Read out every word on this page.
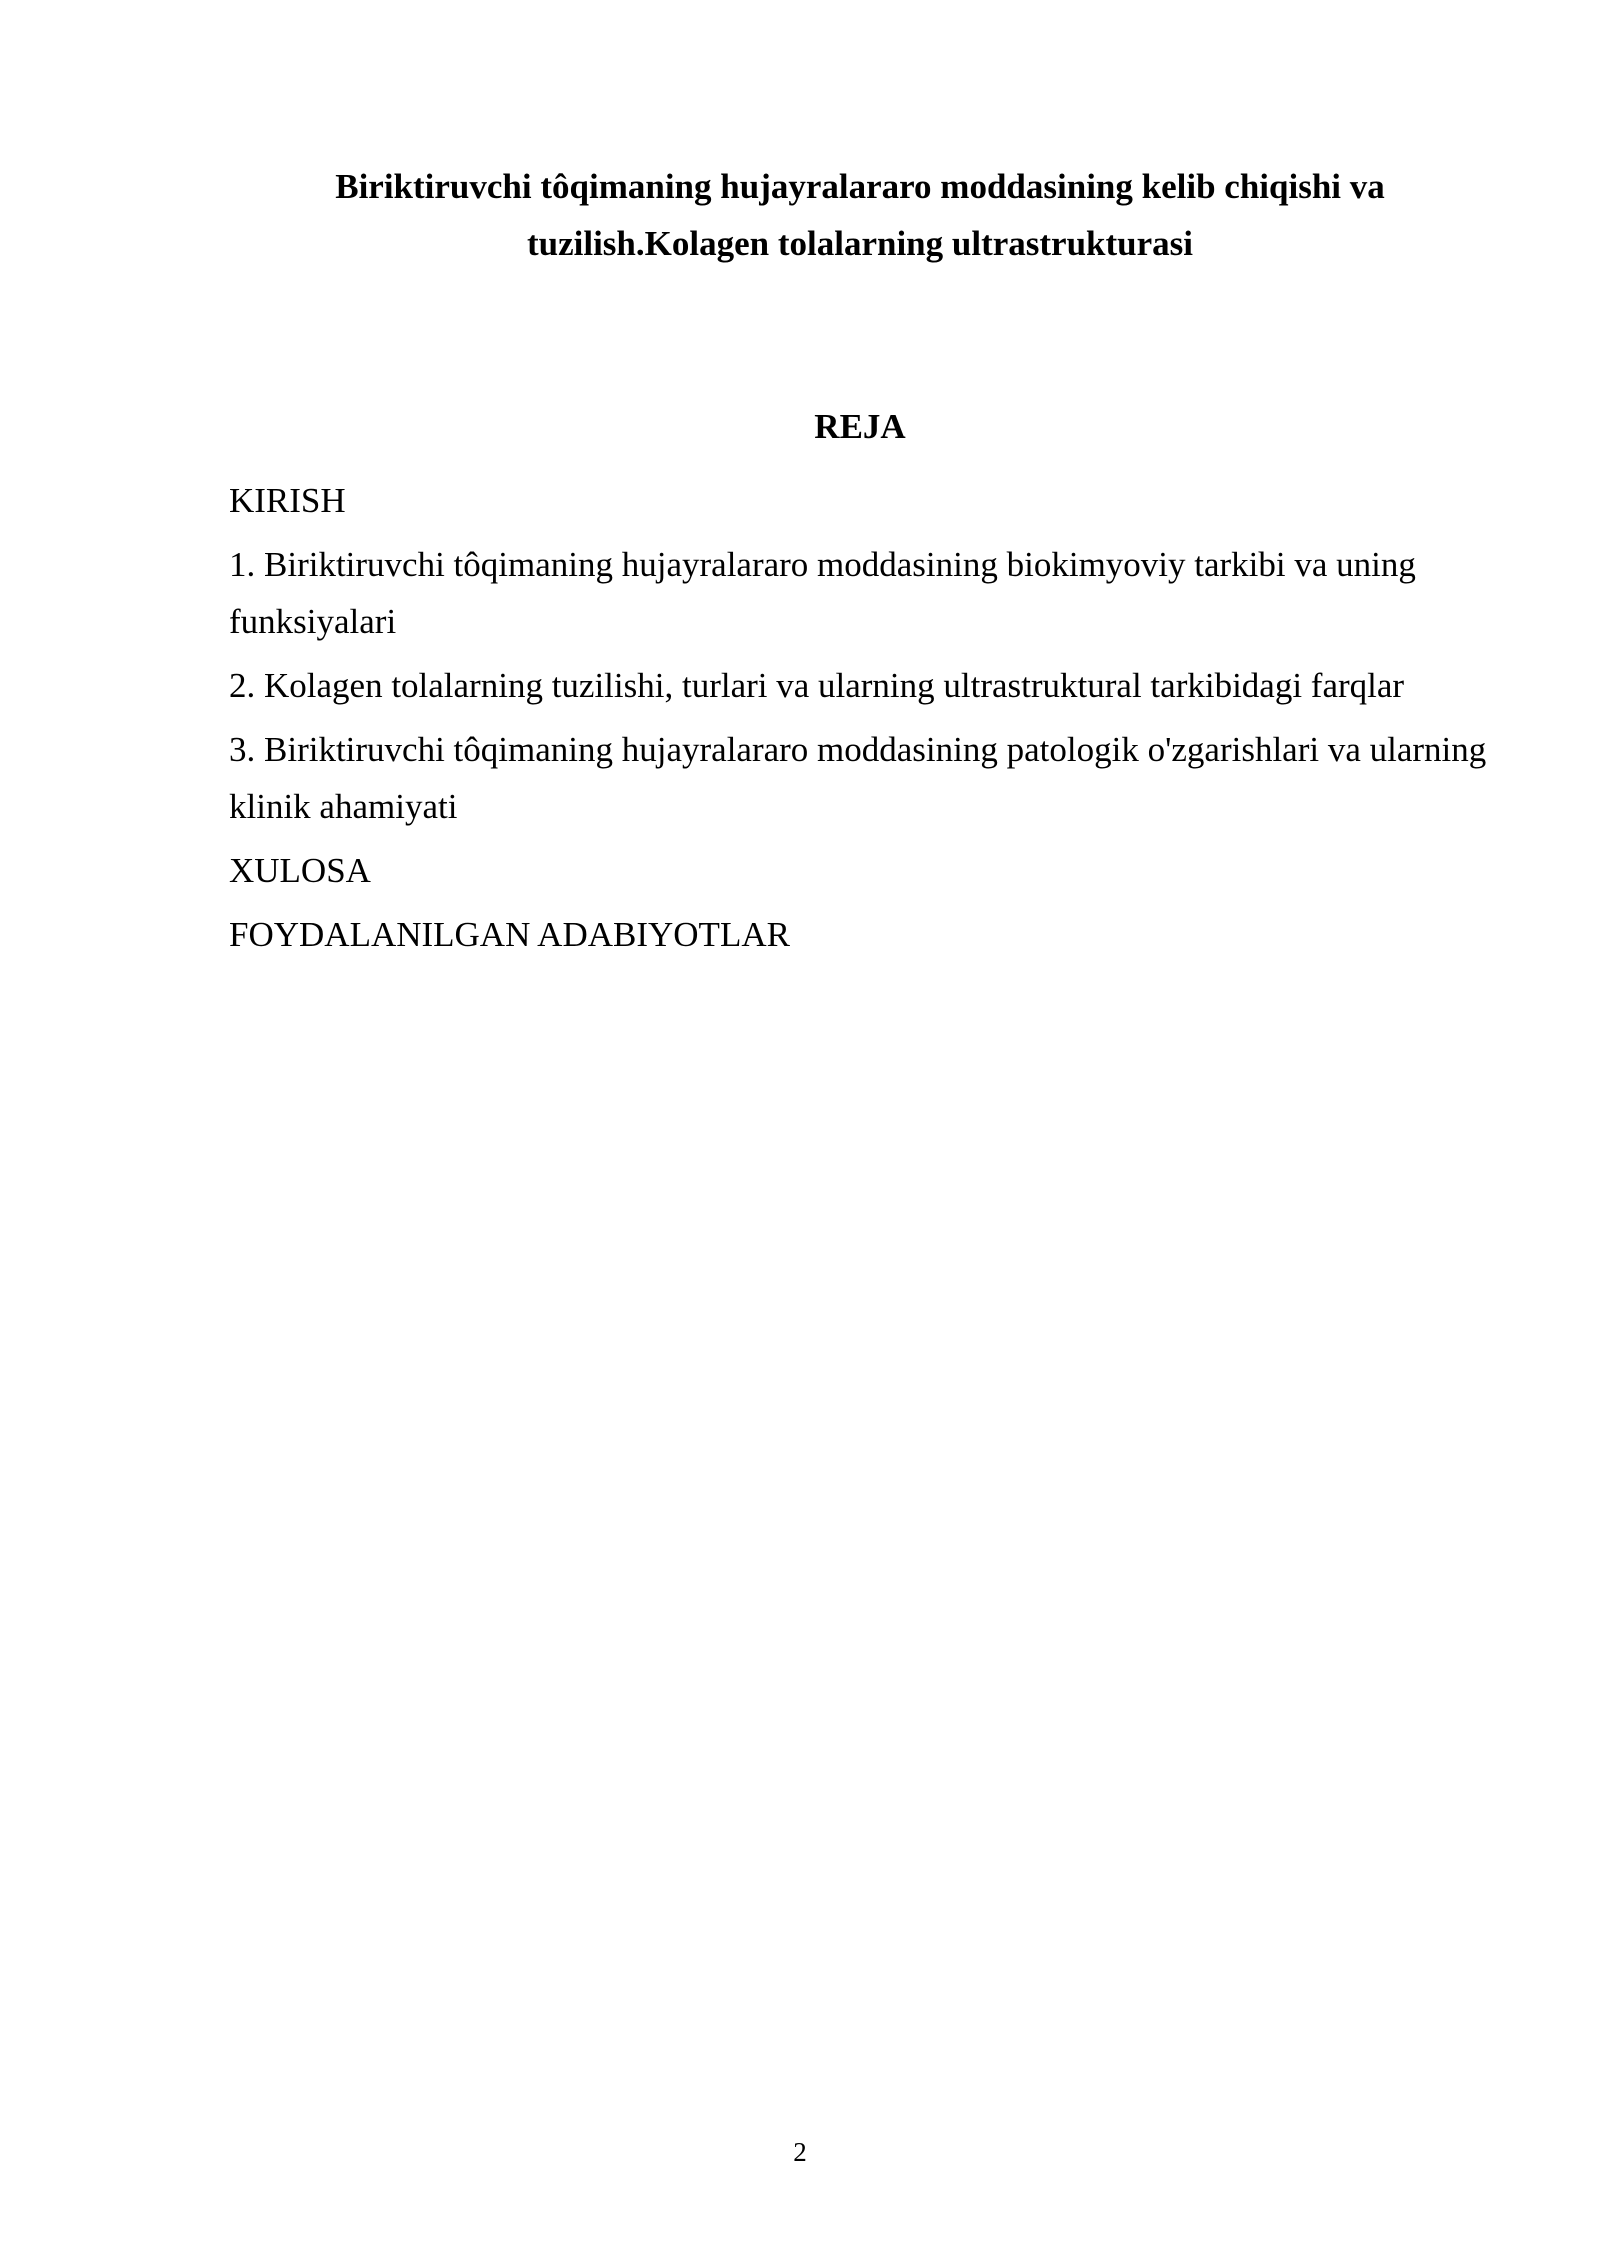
Biriktiruvchi tôqimaning hujayralararo moddasining kelib chiqishi va
tuzilish.Kolagen tolalarning ultrastrukturasi
REJA
KIRISH
1. Biriktiruvchi tôqimaning hujayralararo moddasining biokimyoviy tarkibi va uning funksiyalari
2. Kolagen tolalarning tuzilishi, turlari va ularning ultrastruktural tarkibidagi farqlar
3. Biriktiruvchi tôqimaning hujayralararo moddasining patologik o'zgarishlari va ularning klinik ahamiyati
XULOSA
FOYDALANILGAN ADABIYOTLAR
2
